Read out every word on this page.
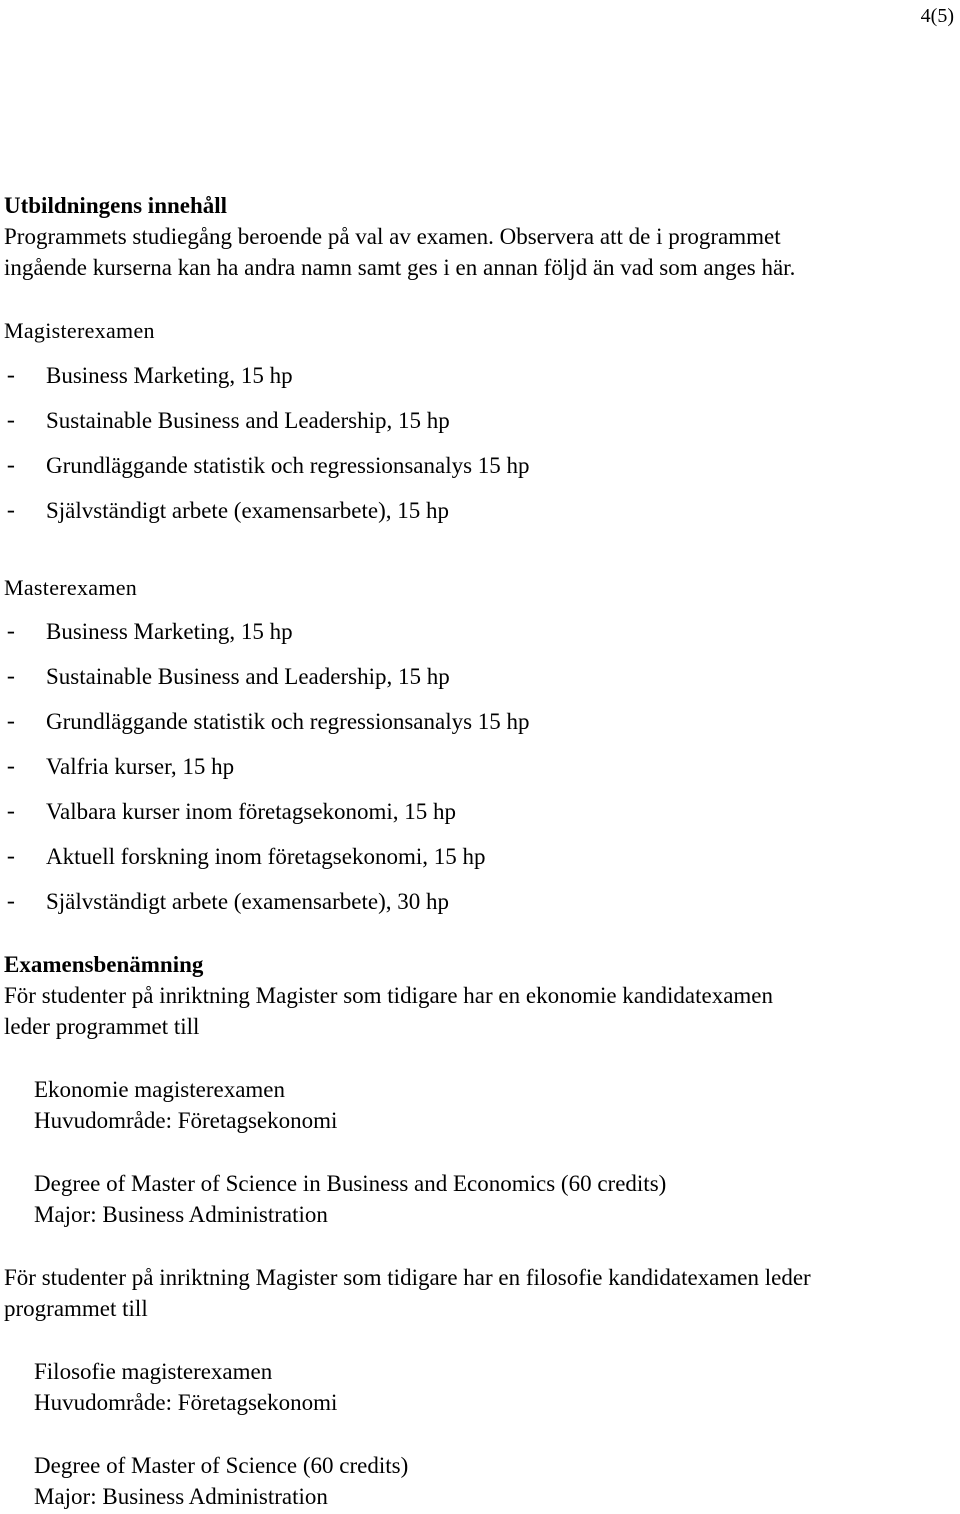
4(5)
Utbildningens innehåll
Programmets studiegång beroende på val av examen. Observera att de i programmet
ingående kurserna kan ha andra namn samt ges i en annan följd än vad som anges här.
Magisterexamen
- Business Marketing, 15 hp
- Sustainable Business and Leadership, 15 hp
- Grundläggande statistik och regressionsanalys 15 hp
- Självständigt arbete (examensarbete), 15 hp
Masterexamen
- Business Marketing, 15 hp
- Sustainable Business and Leadership, 15 hp
- Grundläggande statistik och regressionsanalys 15 hp
- Valfria kurser, 15 hp
- Valbara kurser inom företagsekonomi, 15 hp
- Aktuell forskning inom företagsekonomi, 15 hp
- Självständigt arbete (examensarbete), 30 hp
Examensbenämning
För studenter på inriktning Magister som tidigare har en ekonomie kandidatexamen
leder programmet till
Ekonomie magisterexamen
Huvudområde: Företagsekonomi
Degree of Master of Science in Business and Economics (60 credits)
Major: Business Administration
För studenter på inriktning Magister som tidigare har en filosofie kandidatexamen leder
programmet till
Filosofie magisterexamen
Huvudområde: Företagsekonomi
Degree of Master of Science (60 credits)
Major: Business Administration
